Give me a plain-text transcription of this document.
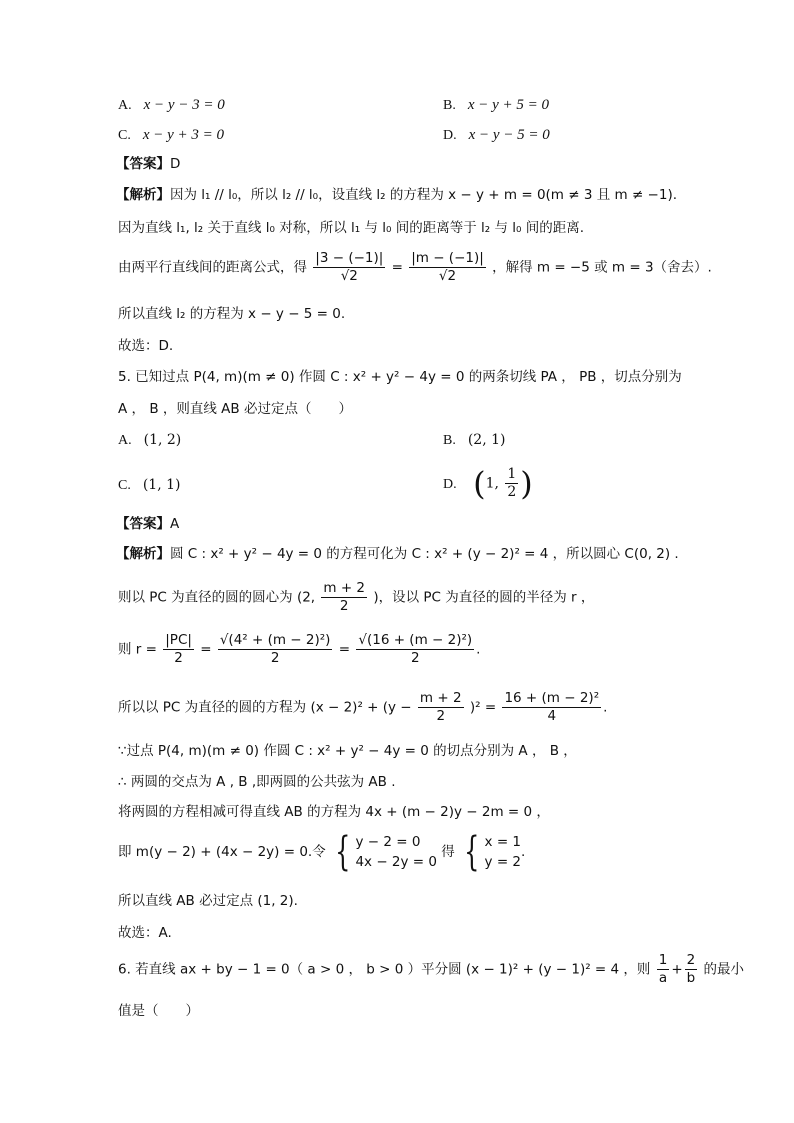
A. x − y − 3 = 0	B. x − y + 5 = 0
C. x − y + 3 = 0	D. x − y − 5 = 0
【答案】D
【解析】因为 l₁ // l₀，所以 l₂ // l₀，设直线 l₂ 的方程为 x − y + m = 0(m ≠ 3 且 m ≠ −1).
因为直线 l₁, l₂ 关于直线 l₀ 对称，所以 l₁ 与 l₀ 间的距离等于 l₂ 与 l₀ 间的距离.
由两平行直线间的距离公式，得 $\frac{|3 - (-1)|}{√2} = \frac{|m - (-1)|}{√2}$ ，解得 m = −5 或 m = 3（舍去）.
所以直线 l₂ 的方程为 x − y − 5 = 0.
故选：D.
5. 已知过点 P(4, m)(m ≠ 0) 作圆 C : x² + y² − 4y = 0 的两条切线 PA ， PB ，切点分别为
A ， B ，则直线 AB 必过定点（　　）
A. (1, 2)	B. (2, 1)
C. (1, 1)	D. (1, $\frac{1}{2}$ )
【答案】A
【解析】圆 C : x² + y² − 4y = 0 的方程可化为 C : x² + (y − 2)² = 4 ，所以圆心 C(0, 2) .
则以 PC 为直径的圆的圆心为 (2, $\frac{m + 2}{2}$ )，设以 PC 为直径的圆的半径为 r ，
则 $r = \frac{|PC|}{2} = \frac{\text{√(4² + (m − 2)²)}}{2} = \frac{\text{√(16 + (m − 2)²)}}{2}$ .
所以以 PC 为直径的圆的方程为 $(x - 2)^2 + (y - \frac{m + 2}{2} )^2 = \frac{\text{16 + (m − 2)²}}{4}$ .
∵过点 P(4, m)(m ≠ 0) 作圆 C : x² + y² − 4y = 0 的切点分别为 A ， B ，
∴ 两圆的交点为 A , B ,即两圆的公共弦为 AB .
将两圆的方程相减可得直线 AB 的方程为 4x + (m − 2)y − 2m = 0 ，
即 m(y − 2) + (4x − 2y) = 0.令 { y − 2 = 0
4x − 2y = 0
得 { x = 1
y = 2
.
所以直线 AB 必过定点 (1, 2).
故选：A.
6. 若直线 ax + by − 1 = 0（ a > 0 ， b > 0 ）平分圆 (x − 1)² + (y − 1)² = 4 ，则 $\frac{1}{a} + \frac{2}{b}$ 的最小
值是（　　）
